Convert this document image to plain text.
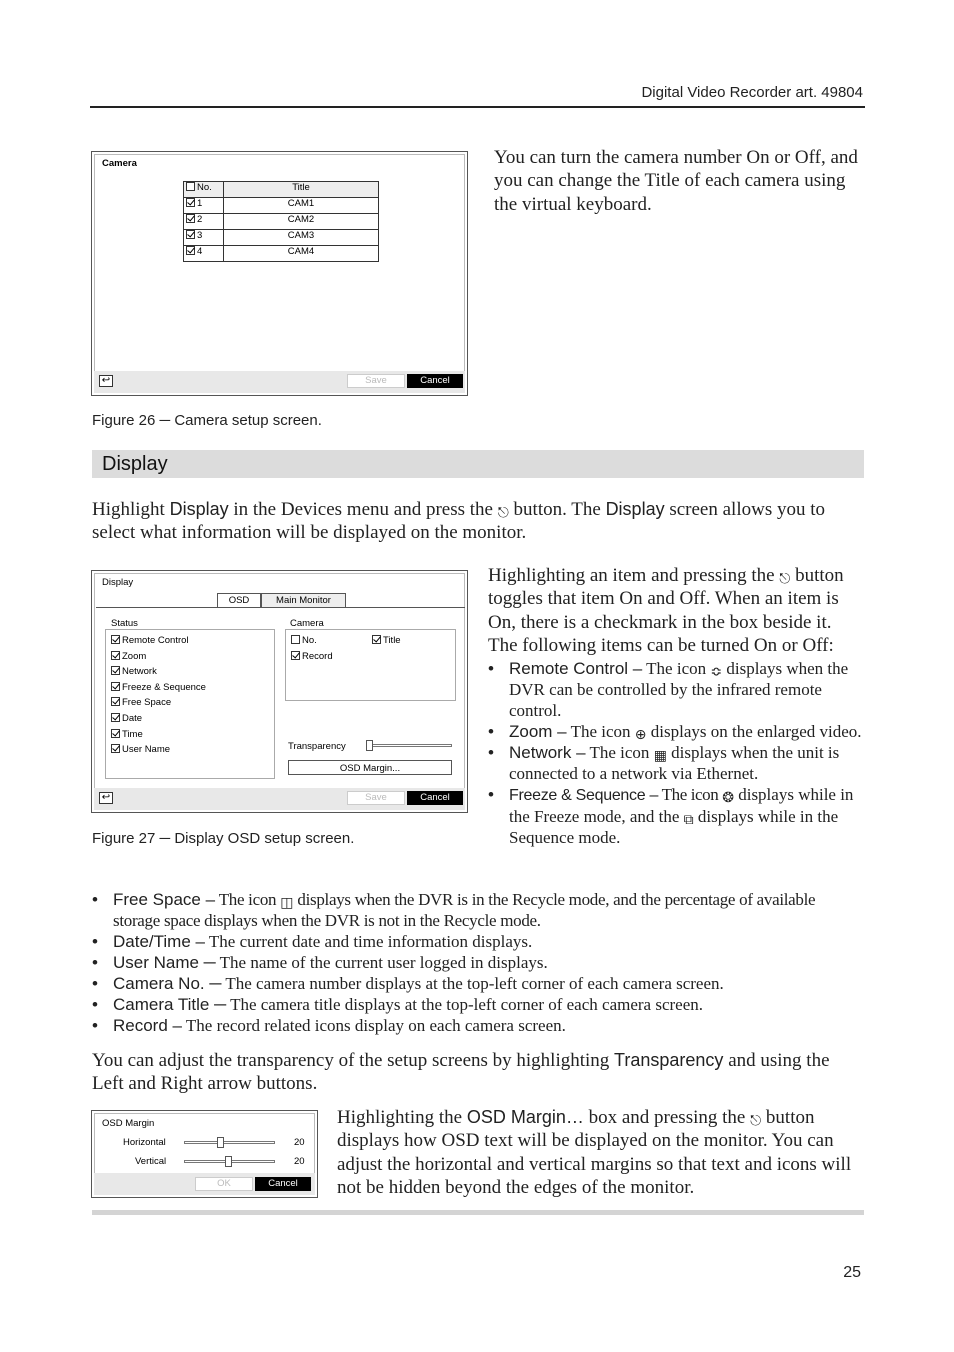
Digital Video Recorder art. 49804
Camera
No.	Title
1	CAM1
2	CAM2
3	CAM3
4	CAM4
↩	Save	Cancel
Figure 26 ─ Camera setup screen.
You can turn the camera number On or Off, and you can change the Title of each camera using the virtual keyboard.
Display
Highlight Display in the Devices menu and press the ⎋ button. The Display screen allows you to select what information will be displayed on the monitor.
Display
OSD	Main Monitor
Status
Remote Control
Zoom
Network
Freeze & Sequence
Free Space
Date
Time
User Name
Camera
No.	Title
Record
Transparency
OSD Margin...
↩	Save	Cancel
Figure 27 ─ Display OSD setup screen.
Highlighting an item and pressing the ⎋ button toggles that item On and Off. When an item is On, there is a checkmark in the box beside it. The following items can be turned On or Off:
• Remote Control – The icon ≎ displays when the DVR can be controlled by the infrared remote control.
• Zoom – The icon ⊕ displays on the enlarged video.
• Network – The icon ▦ displays when the unit is connected to a network via Ethernet.
• Freeze & Sequence – The icon ❂ displays while in the Freeze mode, and the ⧉ displays while in the Sequence mode.
• Free Space – The icon ◫ displays when the DVR is in the Recycle mode, and the percentage of available storage space displays when the DVR is not in the Recycle mode.
• Date/Time – The current date and time information displays.
• User Name ─ The name of the current user logged in displays.
• Camera No. ─ The camera number displays at the top-left corner of each camera screen.
• Camera Title ─ The camera title displays at the top-left corner of each camera screen.
• Record – The record related icons display on each camera screen.
You can adjust the transparency of the setup screens by highlighting Transparency and using the Left and Right arrow buttons.
OSD Margin
Horizontal	20
Vertical	20
OK	Cancel
Highlighting the OSD Margin… box and pressing the ⎋ button displays how OSD text will be displayed on the monitor. You can adjust the horizontal and vertical margins so that text and icons will not be hidden beyond the edges of the monitor.
25
